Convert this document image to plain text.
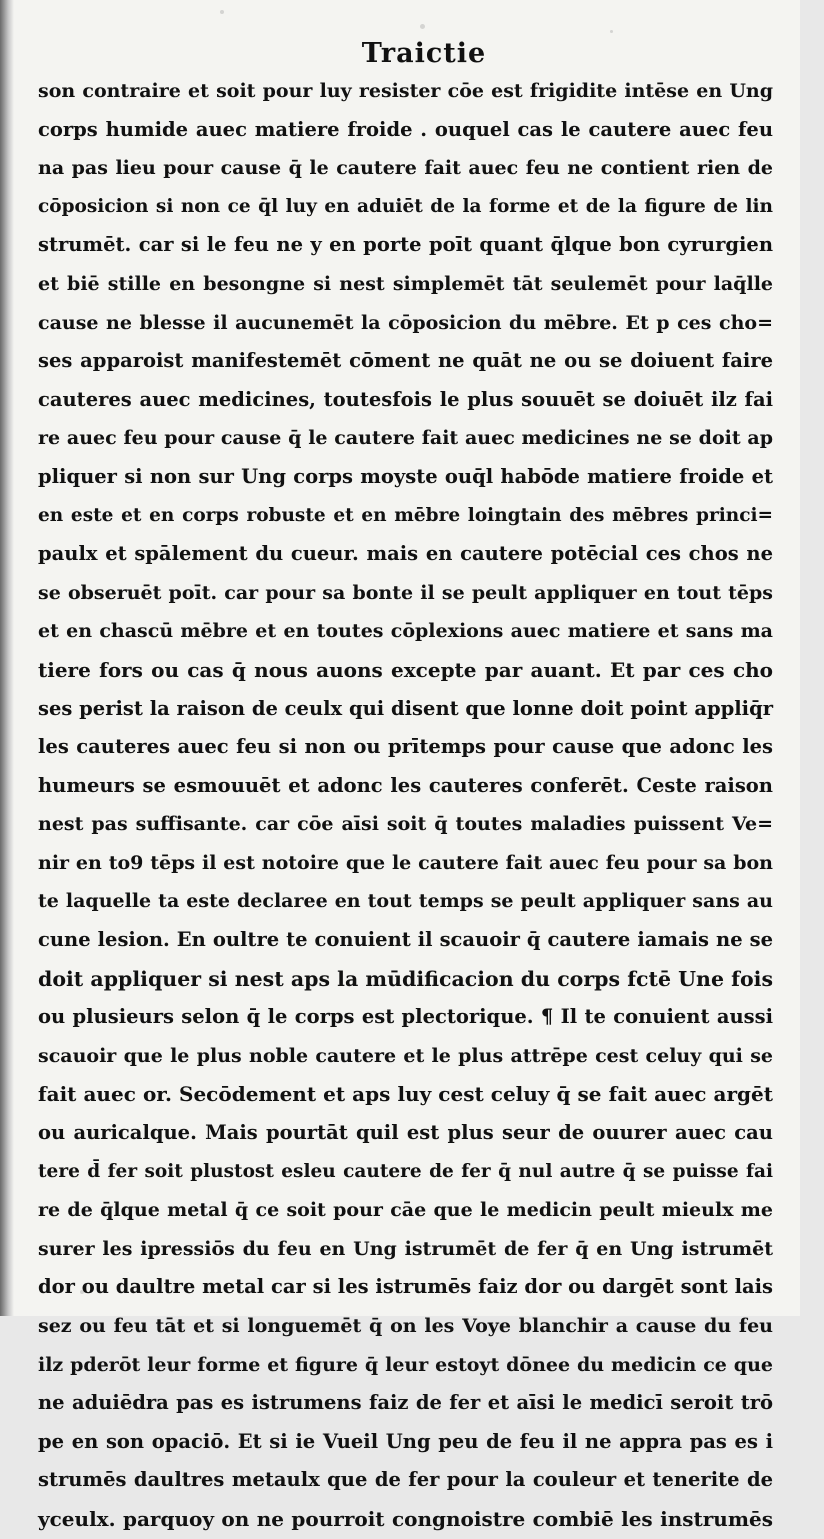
Traictie
son contraire et soit pour luy resister cōe est frigidite intēse en Ung
corps humide auec matiere froide . ouquel cas le cautere auec feu
na pas lieu pour cause q̄ le cautere fait auec feu ne contient rien de
cōposicion si non ce q̄l luy en aduiēt de la forme et de la figure de lin
strumēt. car si le feu ne y en porte poīt quant q̄lque bon cyrurgien
et biē stille en besongne si nest simplemēt tāt seulemēt pour laq̄lle
cause ne blesse il aucunemēt la cōposicion du mēbre. Et p ces cho=
ses apparoist manifestemēt cōment ne quāt ne ou se doiuent faire
cauteres auec medicines, toutesfois le plus souuēt se doiuēt ilz fai
re auec feu pour cause q̄ le cautere fait auec medicines ne se doit ap
pliquer si non sur Ung corps moyste ouq̄l habōde matiere froide et
en este et en corps robuste et en mēbre loingtain des mēbres princi=
paulx et spālement du cueur. mais en cautere potēcial ces chos ne
se obseruēt poīt. car pour sa bonte il se peult appliquer en tout tēps
et en chascū mēbre et en toutes cōplexions auec matiere et sans ma
tiere fors ou cas q̄ nous auons excepte par auant. Et par ces cho
ses perist la raison de ceulx qui disent que lonne doit point appliq̄r
les cauteres auec feu si non ou prītemps pour cause que adonc les
humeurs se esmouuēt et adonc les cauteres conferēt. Ceste raison
nest pas suffisante. car cōe aīsi soit q̄ toutes maladies puissent Ve=
nir en to9 tēps il est notoire que le cautere fait auec feu pour sa bon
te laquelle ta este declaree en tout temps se peult appliquer sans au
cune lesion. En oultre te conuient il scauoir q̄ cautere iamais ne se
doit appliquer si nest aps la mūdificacion du corps fctē Une fois
ou plusieurs selon q̄ le corps est plectorique. ¶ Il te conuient aussi
scauoir que le plus noble cautere et le plus attrēpe cest celuy qui se
fait auec or. Secōdement et aps luy cest celuy q̄ se fait auec argēt
ou auricalque. Mais pourtāt quil est plus seur de ouurer auec cau
tere d̄ fer soit plustost esleu cautere de fer q̄ nul autre q̄ se puisse fai
re de q̄lque metal q̄ ce soit pour cāe que le medicin peult mieulx me
surer les ipressiōs du feu en Ung istrumēt de fer q̄ en Ung istrumēt
dor ou daultre metal car si les istrumēs faiz dor ou dargēt sont lais
sez ou feu tāt et si longuemēt q̄ on les Voye blanchir a cause du feu
ilz pderōt leur forme et figure q̄ leur estoyt dōnee du medicin ce que
ne aduiēdra pas es istrumens faiz de fer et aīsi le medicī seroit trō
pe en son opaciō. Et si ie Vueil Ung peu de feu il ne appra pas es i
strumēs daultres metaulx que de fer pour la couleur et tenerite de
yceulx. parquoy on ne pourroit congnoistre combiē les instrumēs
